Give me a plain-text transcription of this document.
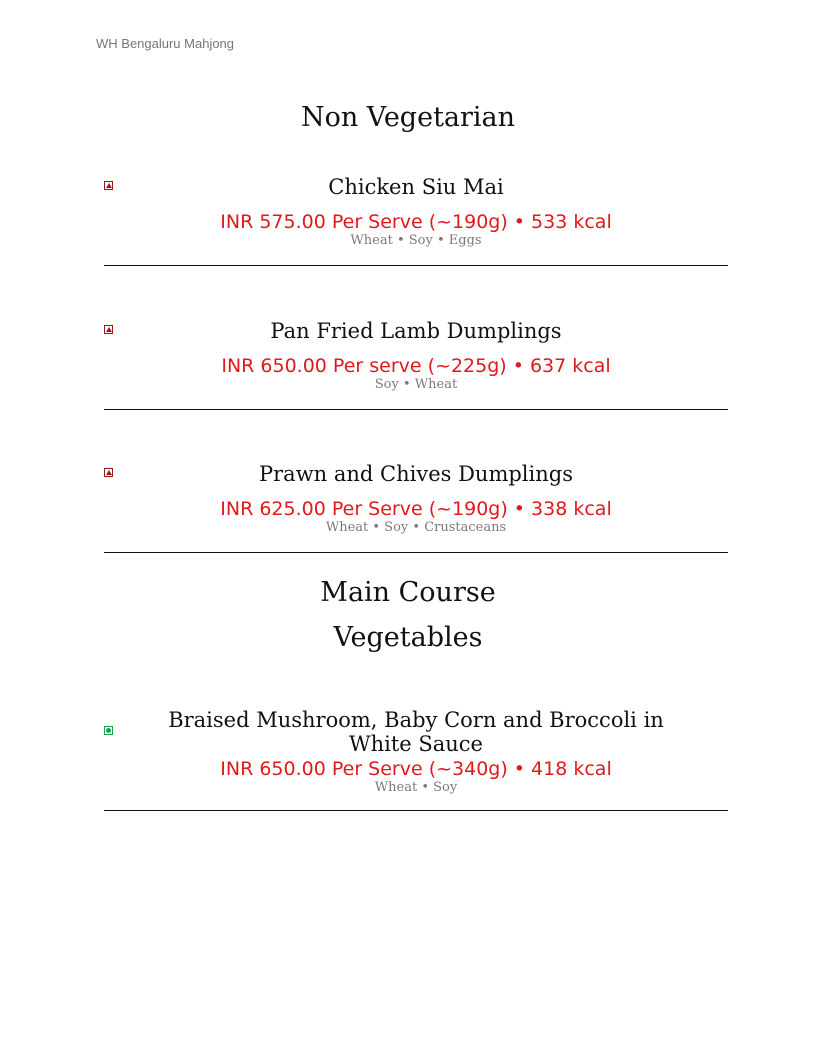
WH Bengaluru Mahjong
Non Vegetarian
Chicken Siu Mai
INR 575.00 Per Serve (~190g) • 533 kcal
Wheat • Soy • Eggs
Pan Fried Lamb Dumplings
INR 650.00 Per serve (~225g) • 637 kcal
Soy • Wheat
Prawn and Chives Dumplings
INR 625.00 Per Serve (~190g) • 338 kcal
Wheat • Soy • Crustaceans
Main Course
Vegetables
Braised Mushroom, Baby Corn and Broccoli in White Sauce
INR 650.00 Per Serve (~340g) • 418 kcal
Wheat • Soy
